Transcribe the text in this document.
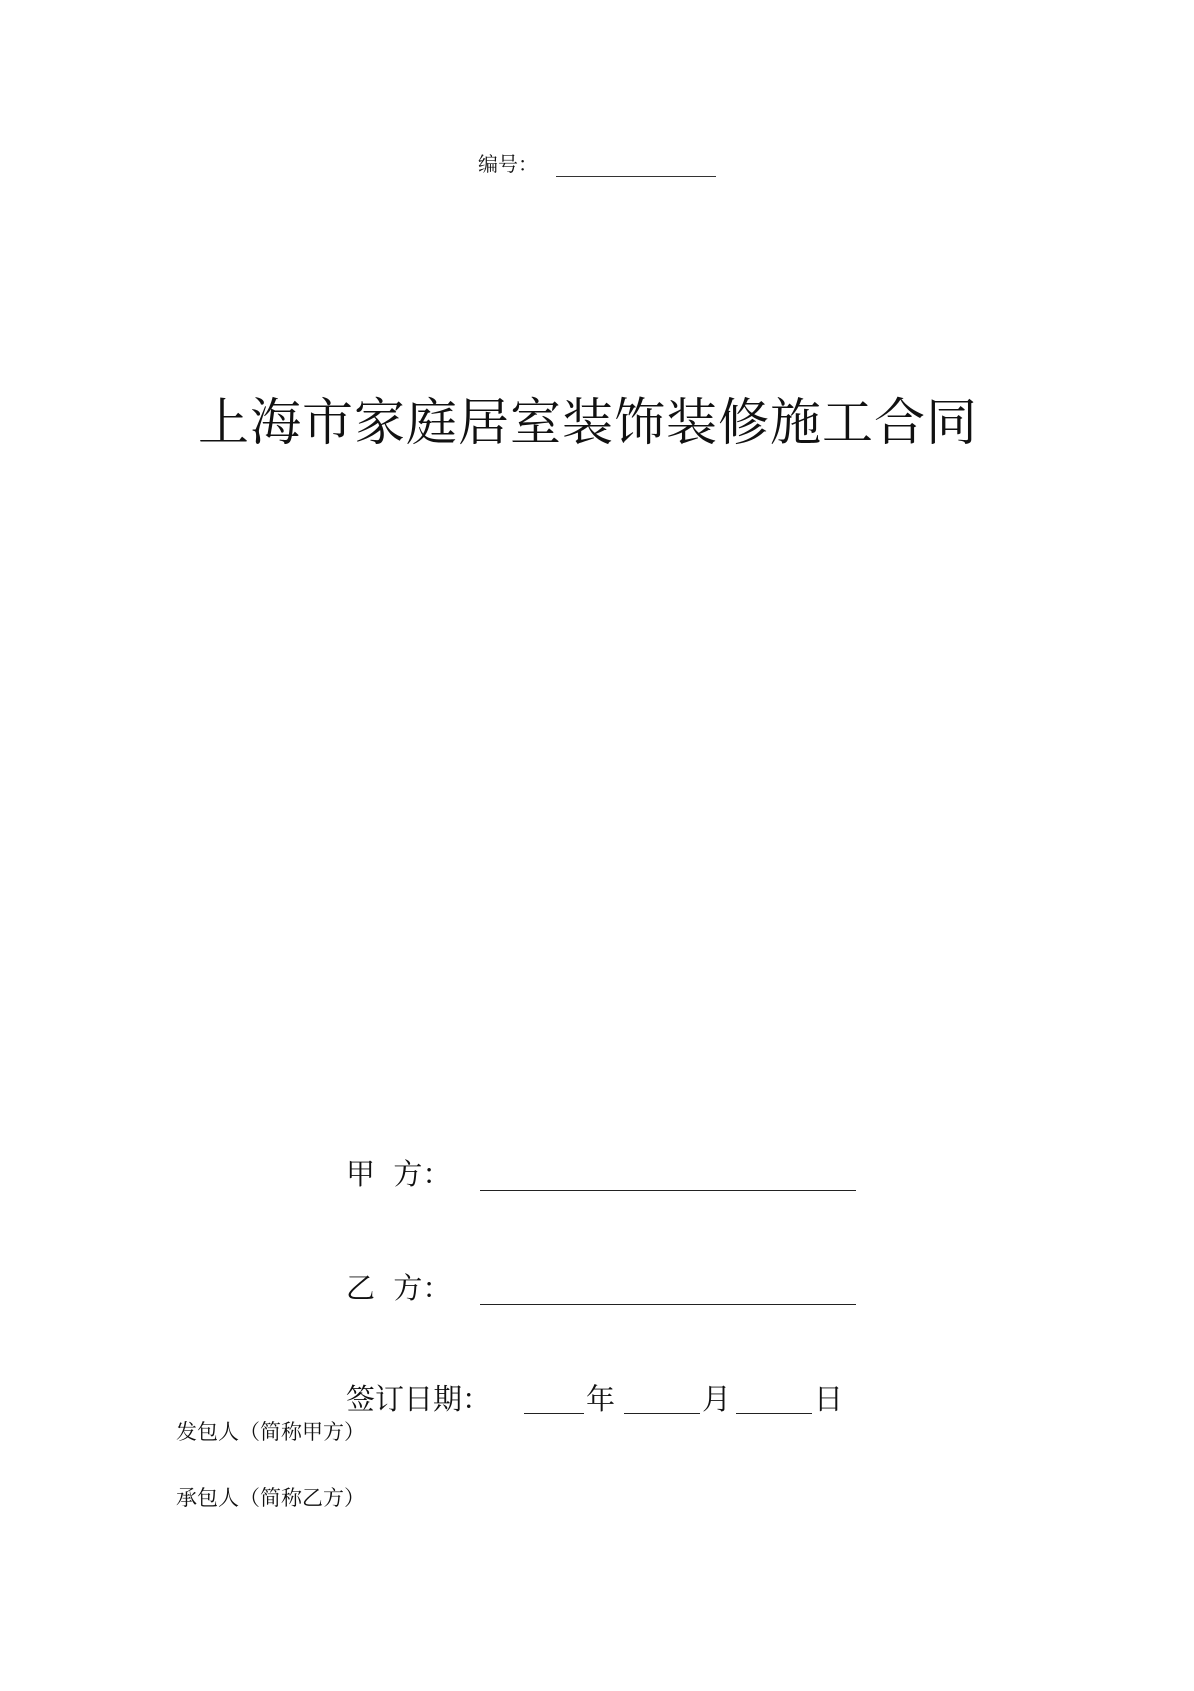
编号：
上海市家庭居室装饰装修施工合同
甲  方：
乙  方：
签订日期：	年	月	日
发包人（简称甲方）
承包人（简称乙方）
